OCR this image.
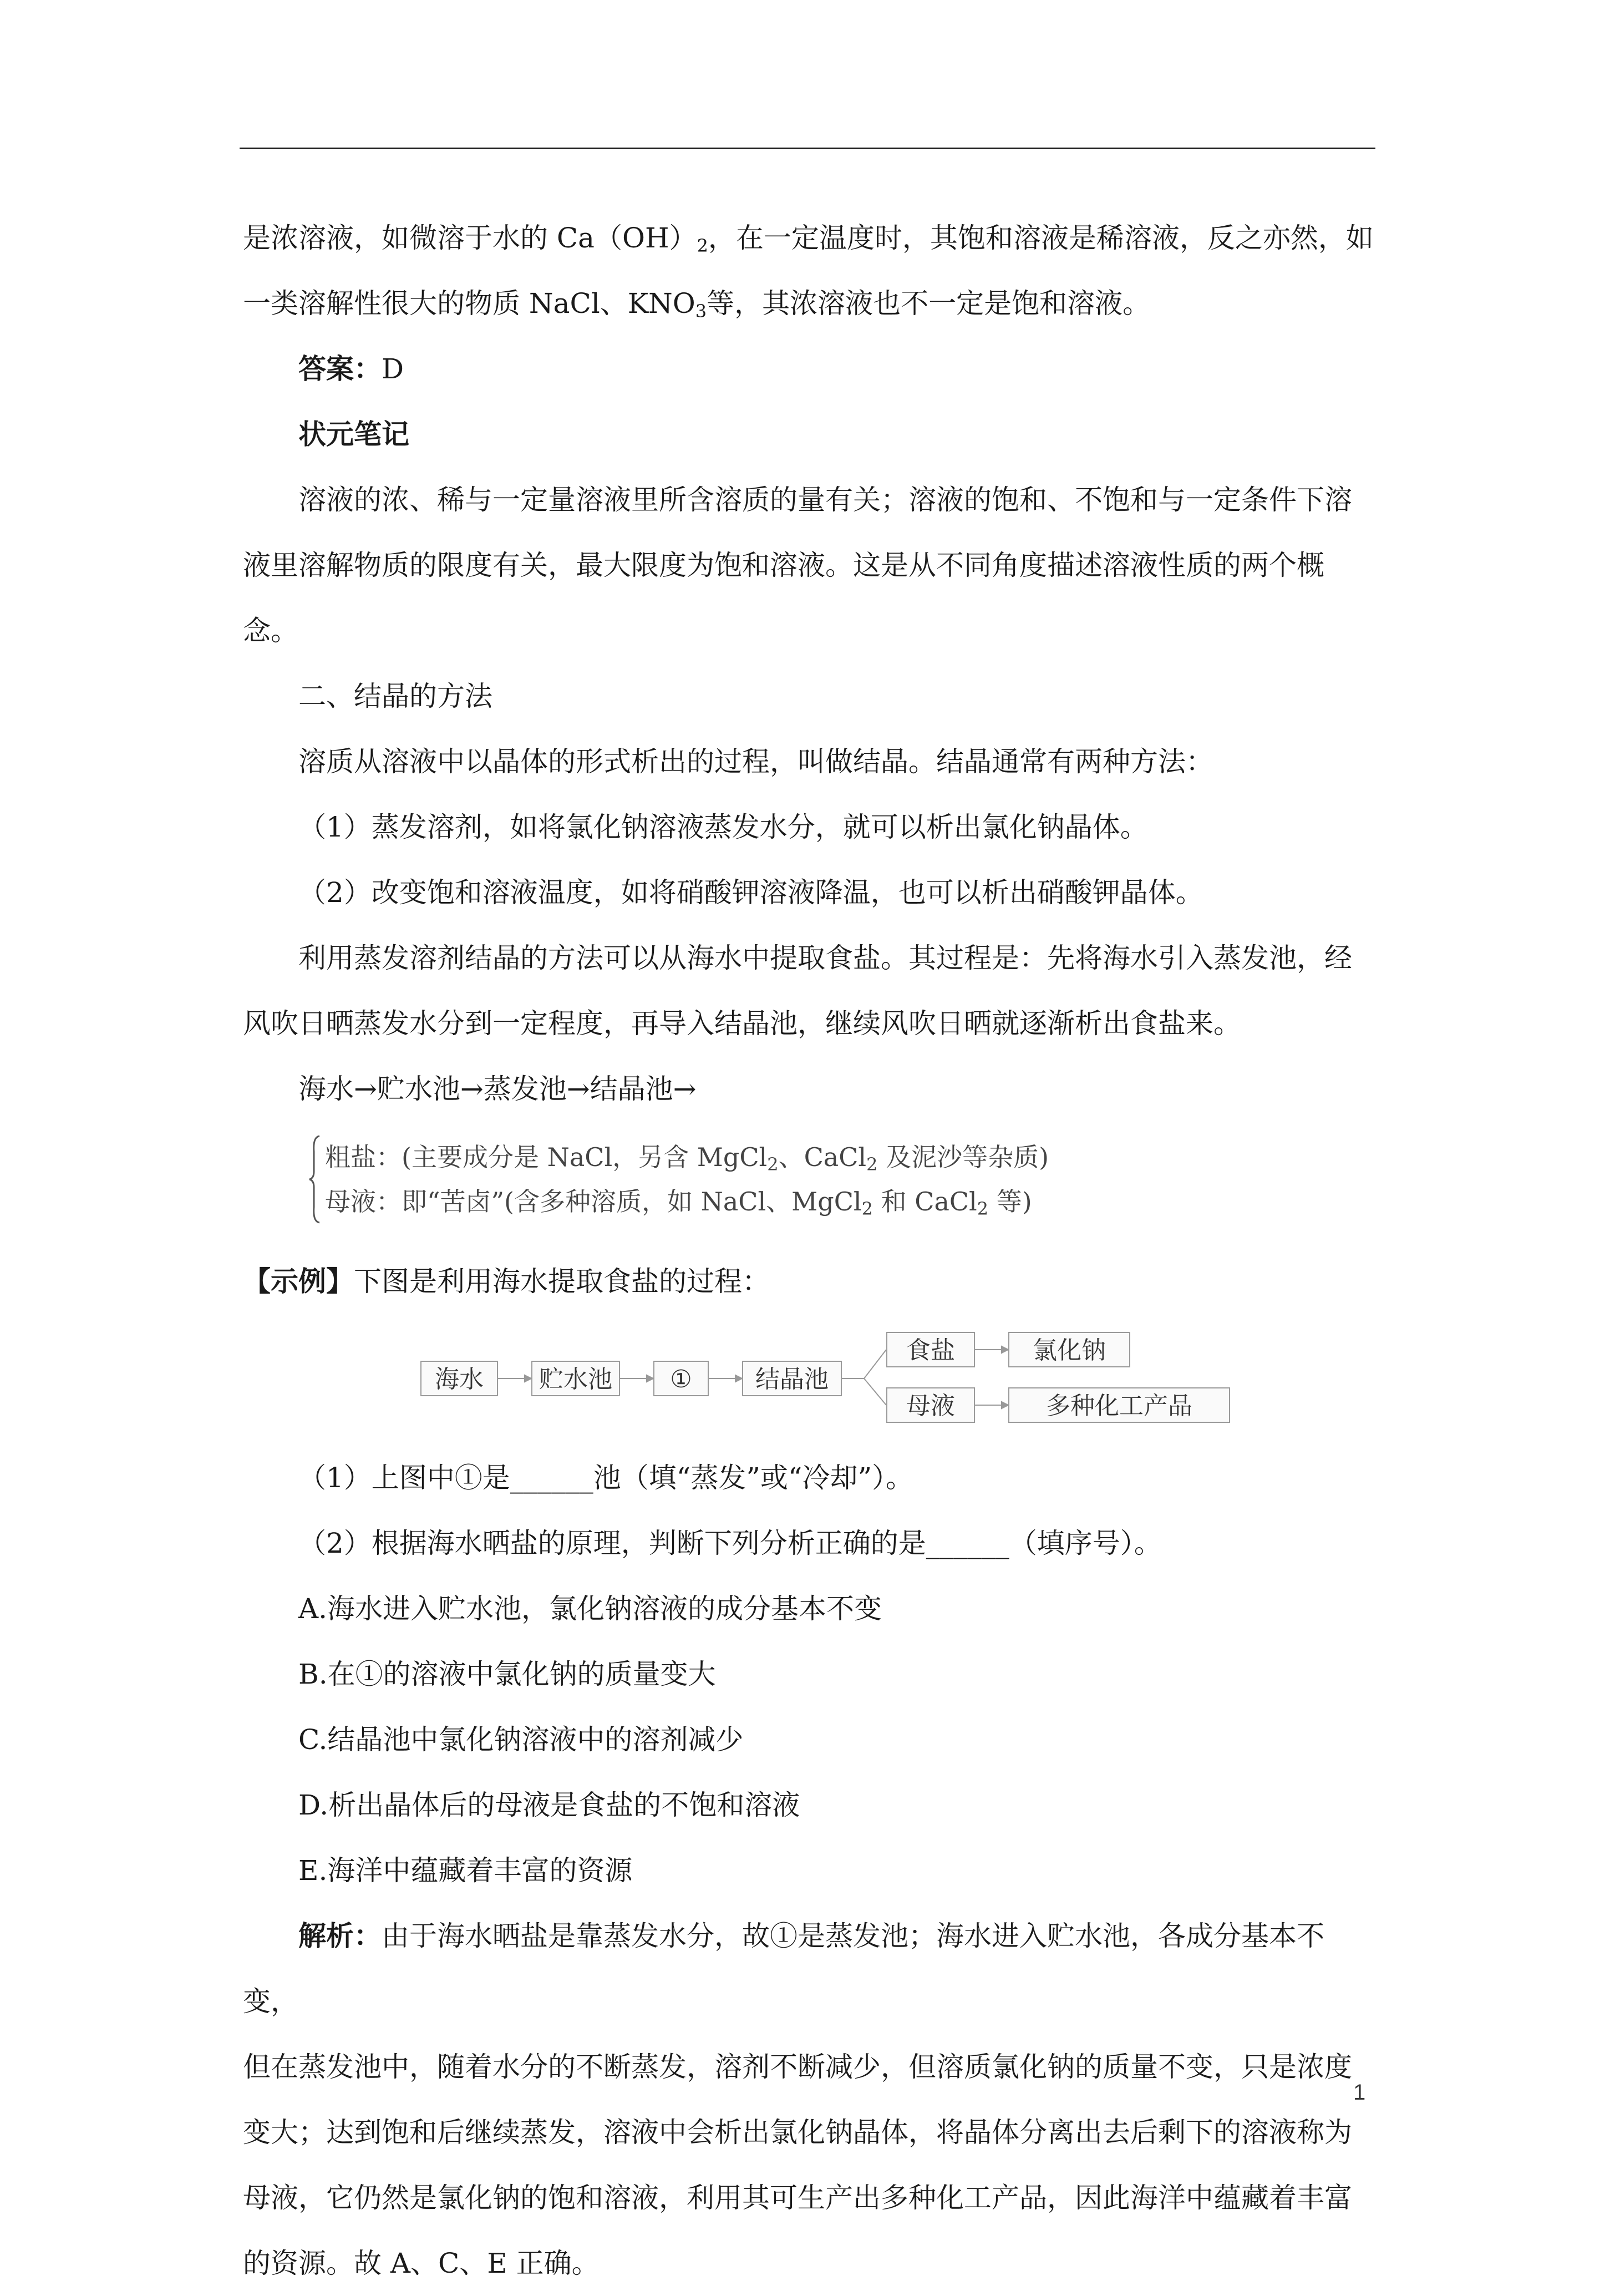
是浓溶液，如微溶于水的 $Ca(OH)_2$，在一定温度时，其饱和溶液是稀溶液，反之亦然，如

一类溶解性很大的物质 NaCl、$KNO_3$等，其浓溶液也不一定是饱和溶液。

答案：D

状元笔记

溶液的浓、稀与一定量溶液里所含溶质的量有关；溶液的饱和、不饱和与一定条件下溶

液里溶解物质的限度有关，最大限度为饱和溶液。这是从不同角度描述溶液性质的两个概念。

二、结晶的方法

溶质从溶液中以晶体的形式析出的过程，叫做结晶。结晶通常有两种方法：

（1）蒸发溶剂，如将氯化钠溶液蒸发水分，就可以析出氯化钠晶体。

（2）改变饱和溶液温度，如将硝酸钾溶液降温，也可以析出硝酸钾晶体。

利用蒸发溶剂结晶的方法可以从海水中提取食盐。其过程是：先将海水引入蒸发池，经

风吹日晒蒸发水分到一定程度，再导入结晶池，继续风吹日晒就逐渐析出食盐来。

海水→贮水池→蒸发池→结晶池→

粗盐：(主要成分是 NaCl，另含 MgCl$_2$、CaCl$_2$ 及泥沙等杂质)
母液：即“苦卤”(含多种溶质，如 NaCl、MgCl$_2$ 和 CaCl$_2$ 等)

【示例】下图是利用海水提取食盐的过程：

海水	贮水池	①	结晶池
食盐	氯化钠
母液	多种化工产品

（1）上图中①是______池（填“蒸发”或“冷却”）。

（2）根据海水晒盐的原理，判断下列分析正确的是______（填序号）。

A.海水进入贮水池，氯化钠溶液的成分基本不变

B.在①的溶液中氯化钠的质量变大

C.结晶池中氯化钠溶液中的溶剂减少

D.析出晶体后的母液是食盐的不饱和溶液

E.海洋中蕴藏着丰富的资源

解析：由于海水晒盐是靠蒸发水分，故①是蒸发池；海水进入贮水池，各成分基本不变，

但在蒸发池中，随着水分的不断蒸发，溶剂不断减少，但溶质氯化钠的质量不变，只是浓度

变大；达到饱和后继续蒸发，溶液中会析出氯化钠晶体，将晶体分离出去后剩下的溶液称为

母液，它仍然是氯化钠的饱和溶液，利用其可生产出多种化工产品，因此海洋中蕴藏着丰富

的资源。故 A、C、E 正确。

1
